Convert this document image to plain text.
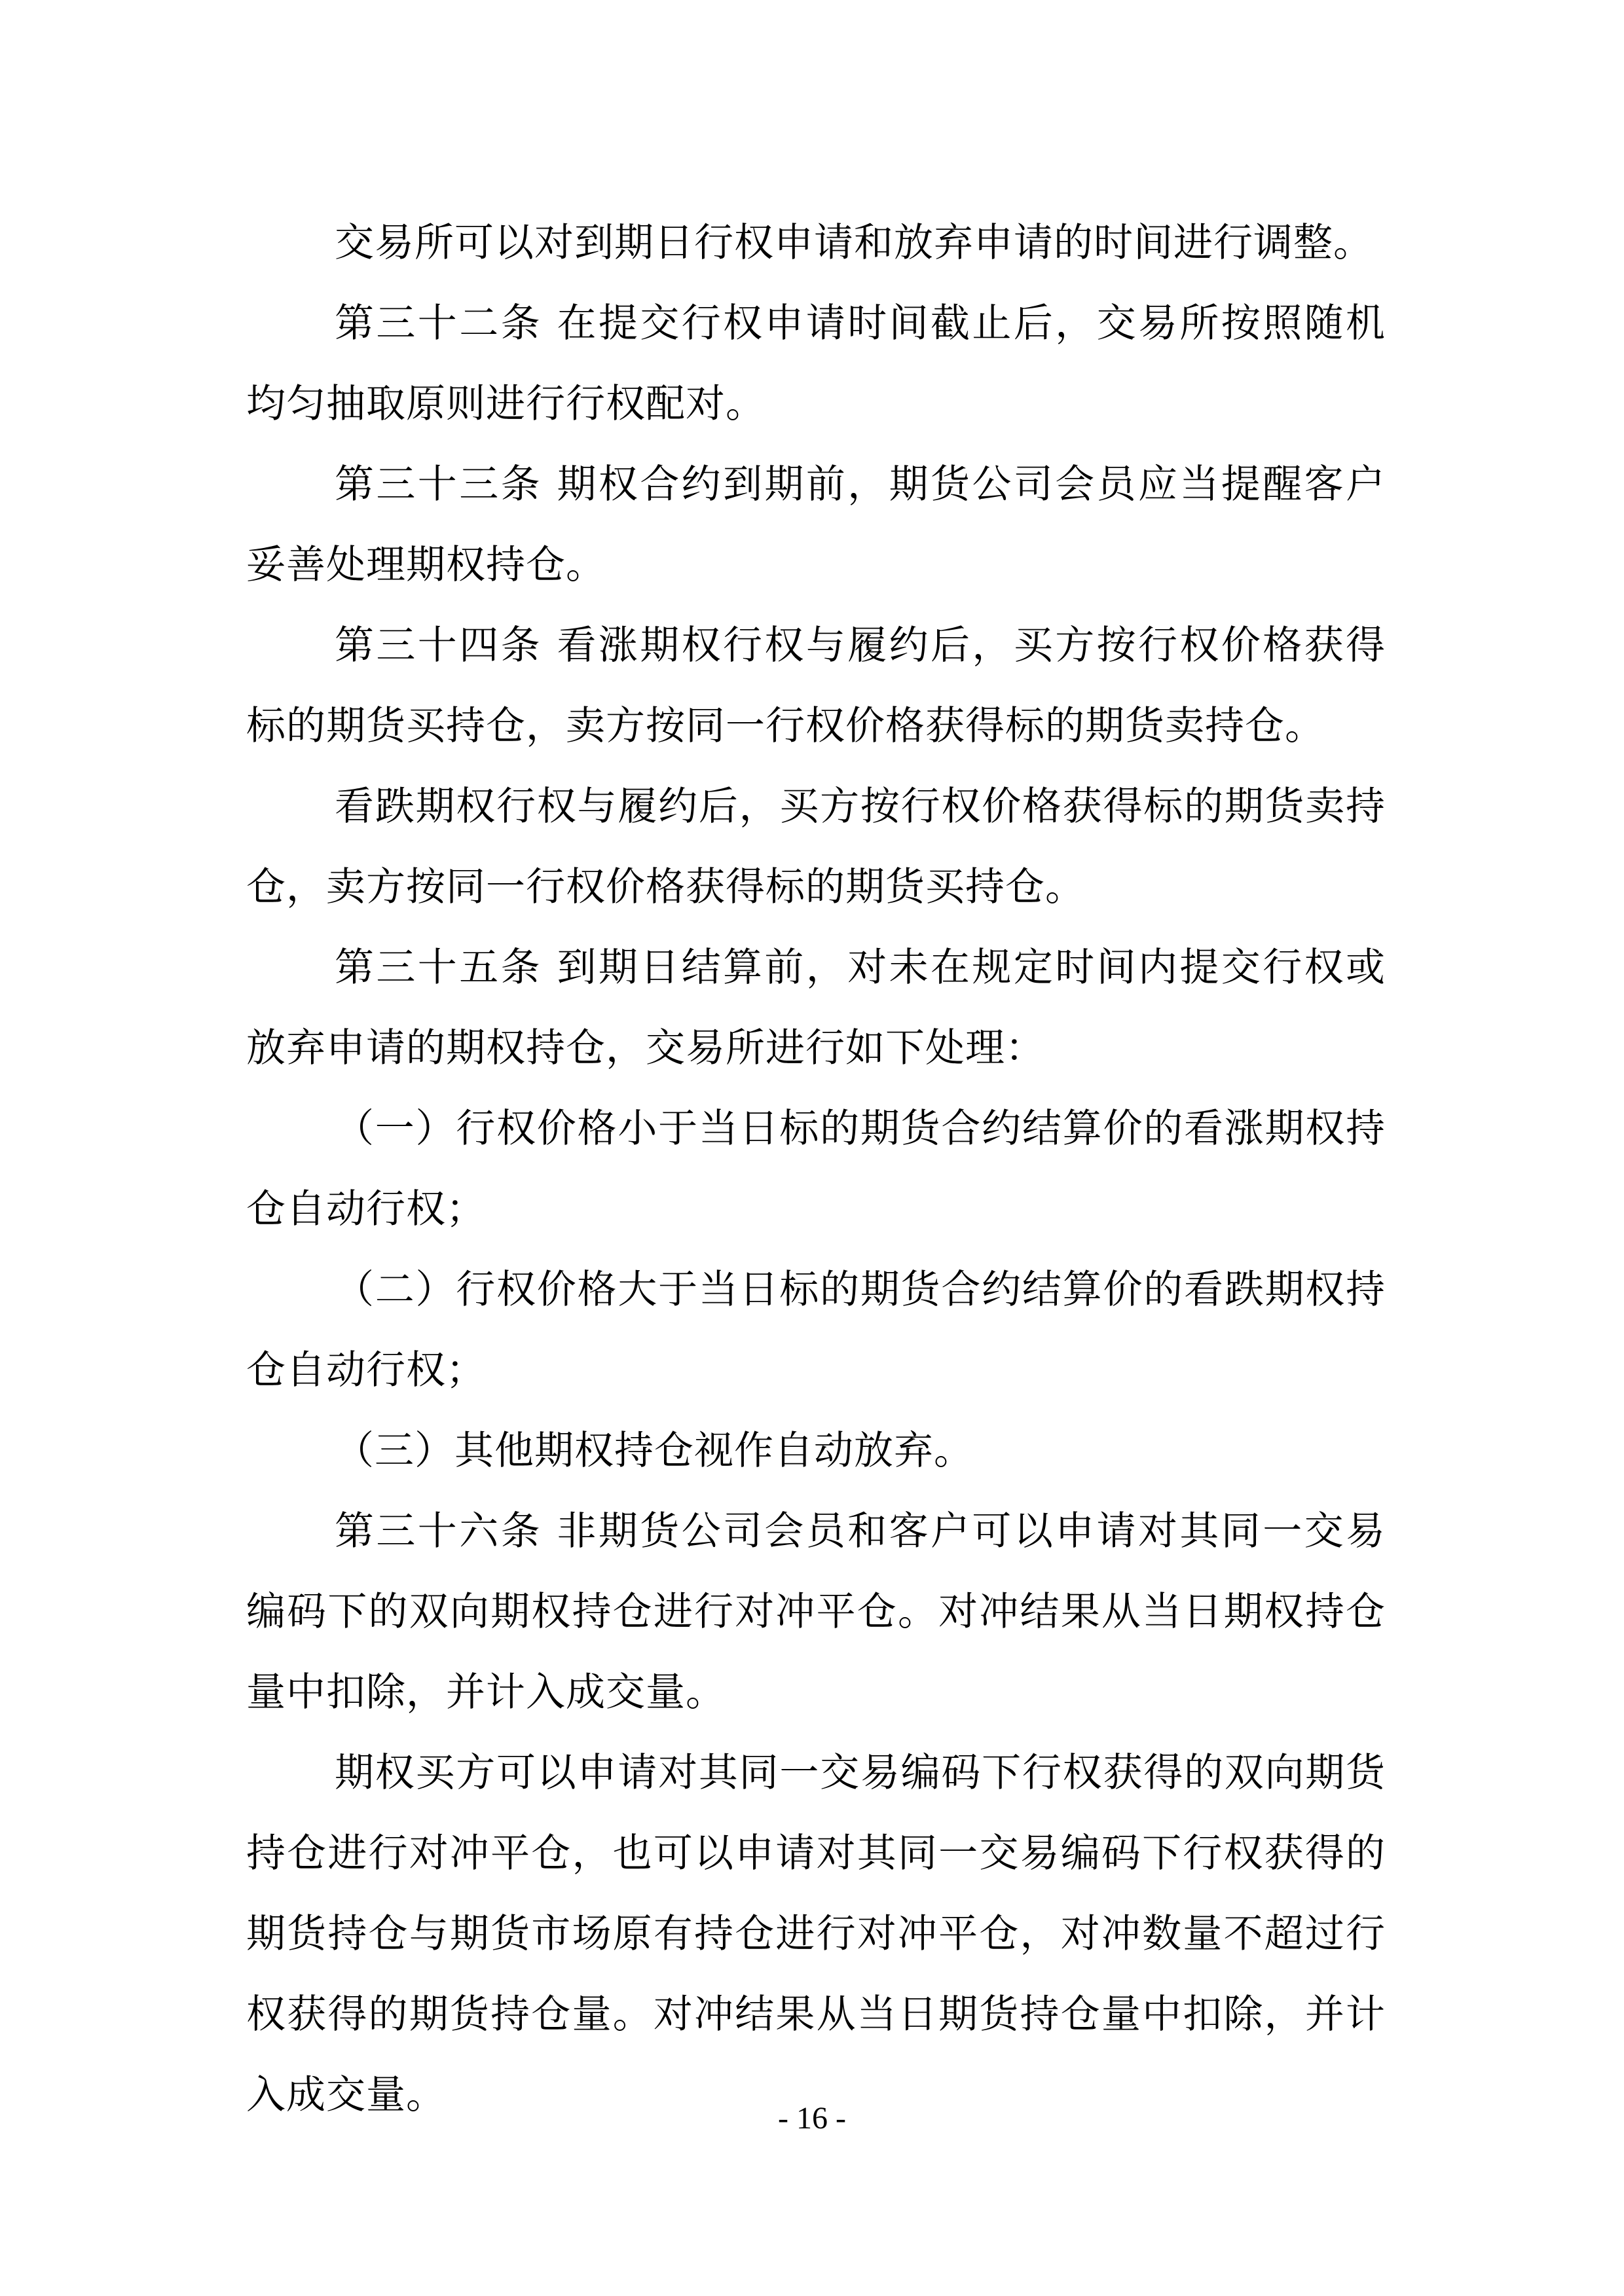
交易所可以对到期日行权申请和放弃申请的时间进行调整。

第三十二条 在提交行权申请时间截止后，交易所按照随机均匀抽取原则进行行权配对。

第三十三条 期权合约到期前，期货公司会员应当提醒客户妥善处理期权持仓。

第三十四条 看涨期权行权与履约后，买方按行权价格获得标的期货买持仓，卖方按同一行权价格获得标的期货卖持仓。

看跌期权行权与履约后，买方按行权价格获得标的期货卖持仓，卖方按同一行权价格获得标的期货买持仓。

第三十五条 到期日结算前，对未在规定时间内提交行权或放弃申请的期权持仓，交易所进行如下处理：

（一）行权价格小于当日标的期货合约结算价的看涨期权持仓自动行权；

（二）行权价格大于当日标的期货合约结算价的看跌期权持仓自动行权；

（三）其他期权持仓视作自动放弃。

第三十六条 非期货公司会员和客户可以申请对其同一交易编码下的双向期权持仓进行对冲平仓。对冲结果从当日期权持仓量中扣除，并计入成交量。

期权买方可以申请对其同一交易编码下行权获得的双向期货持仓进行对冲平仓，也可以申请对其同一交易编码下行权获得的期货持仓与期货市场原有持仓进行对冲平仓，对冲数量不超过行权获得的期货持仓量。对冲结果从当日期货持仓量中扣除，并计入成交量。

- 16 -
